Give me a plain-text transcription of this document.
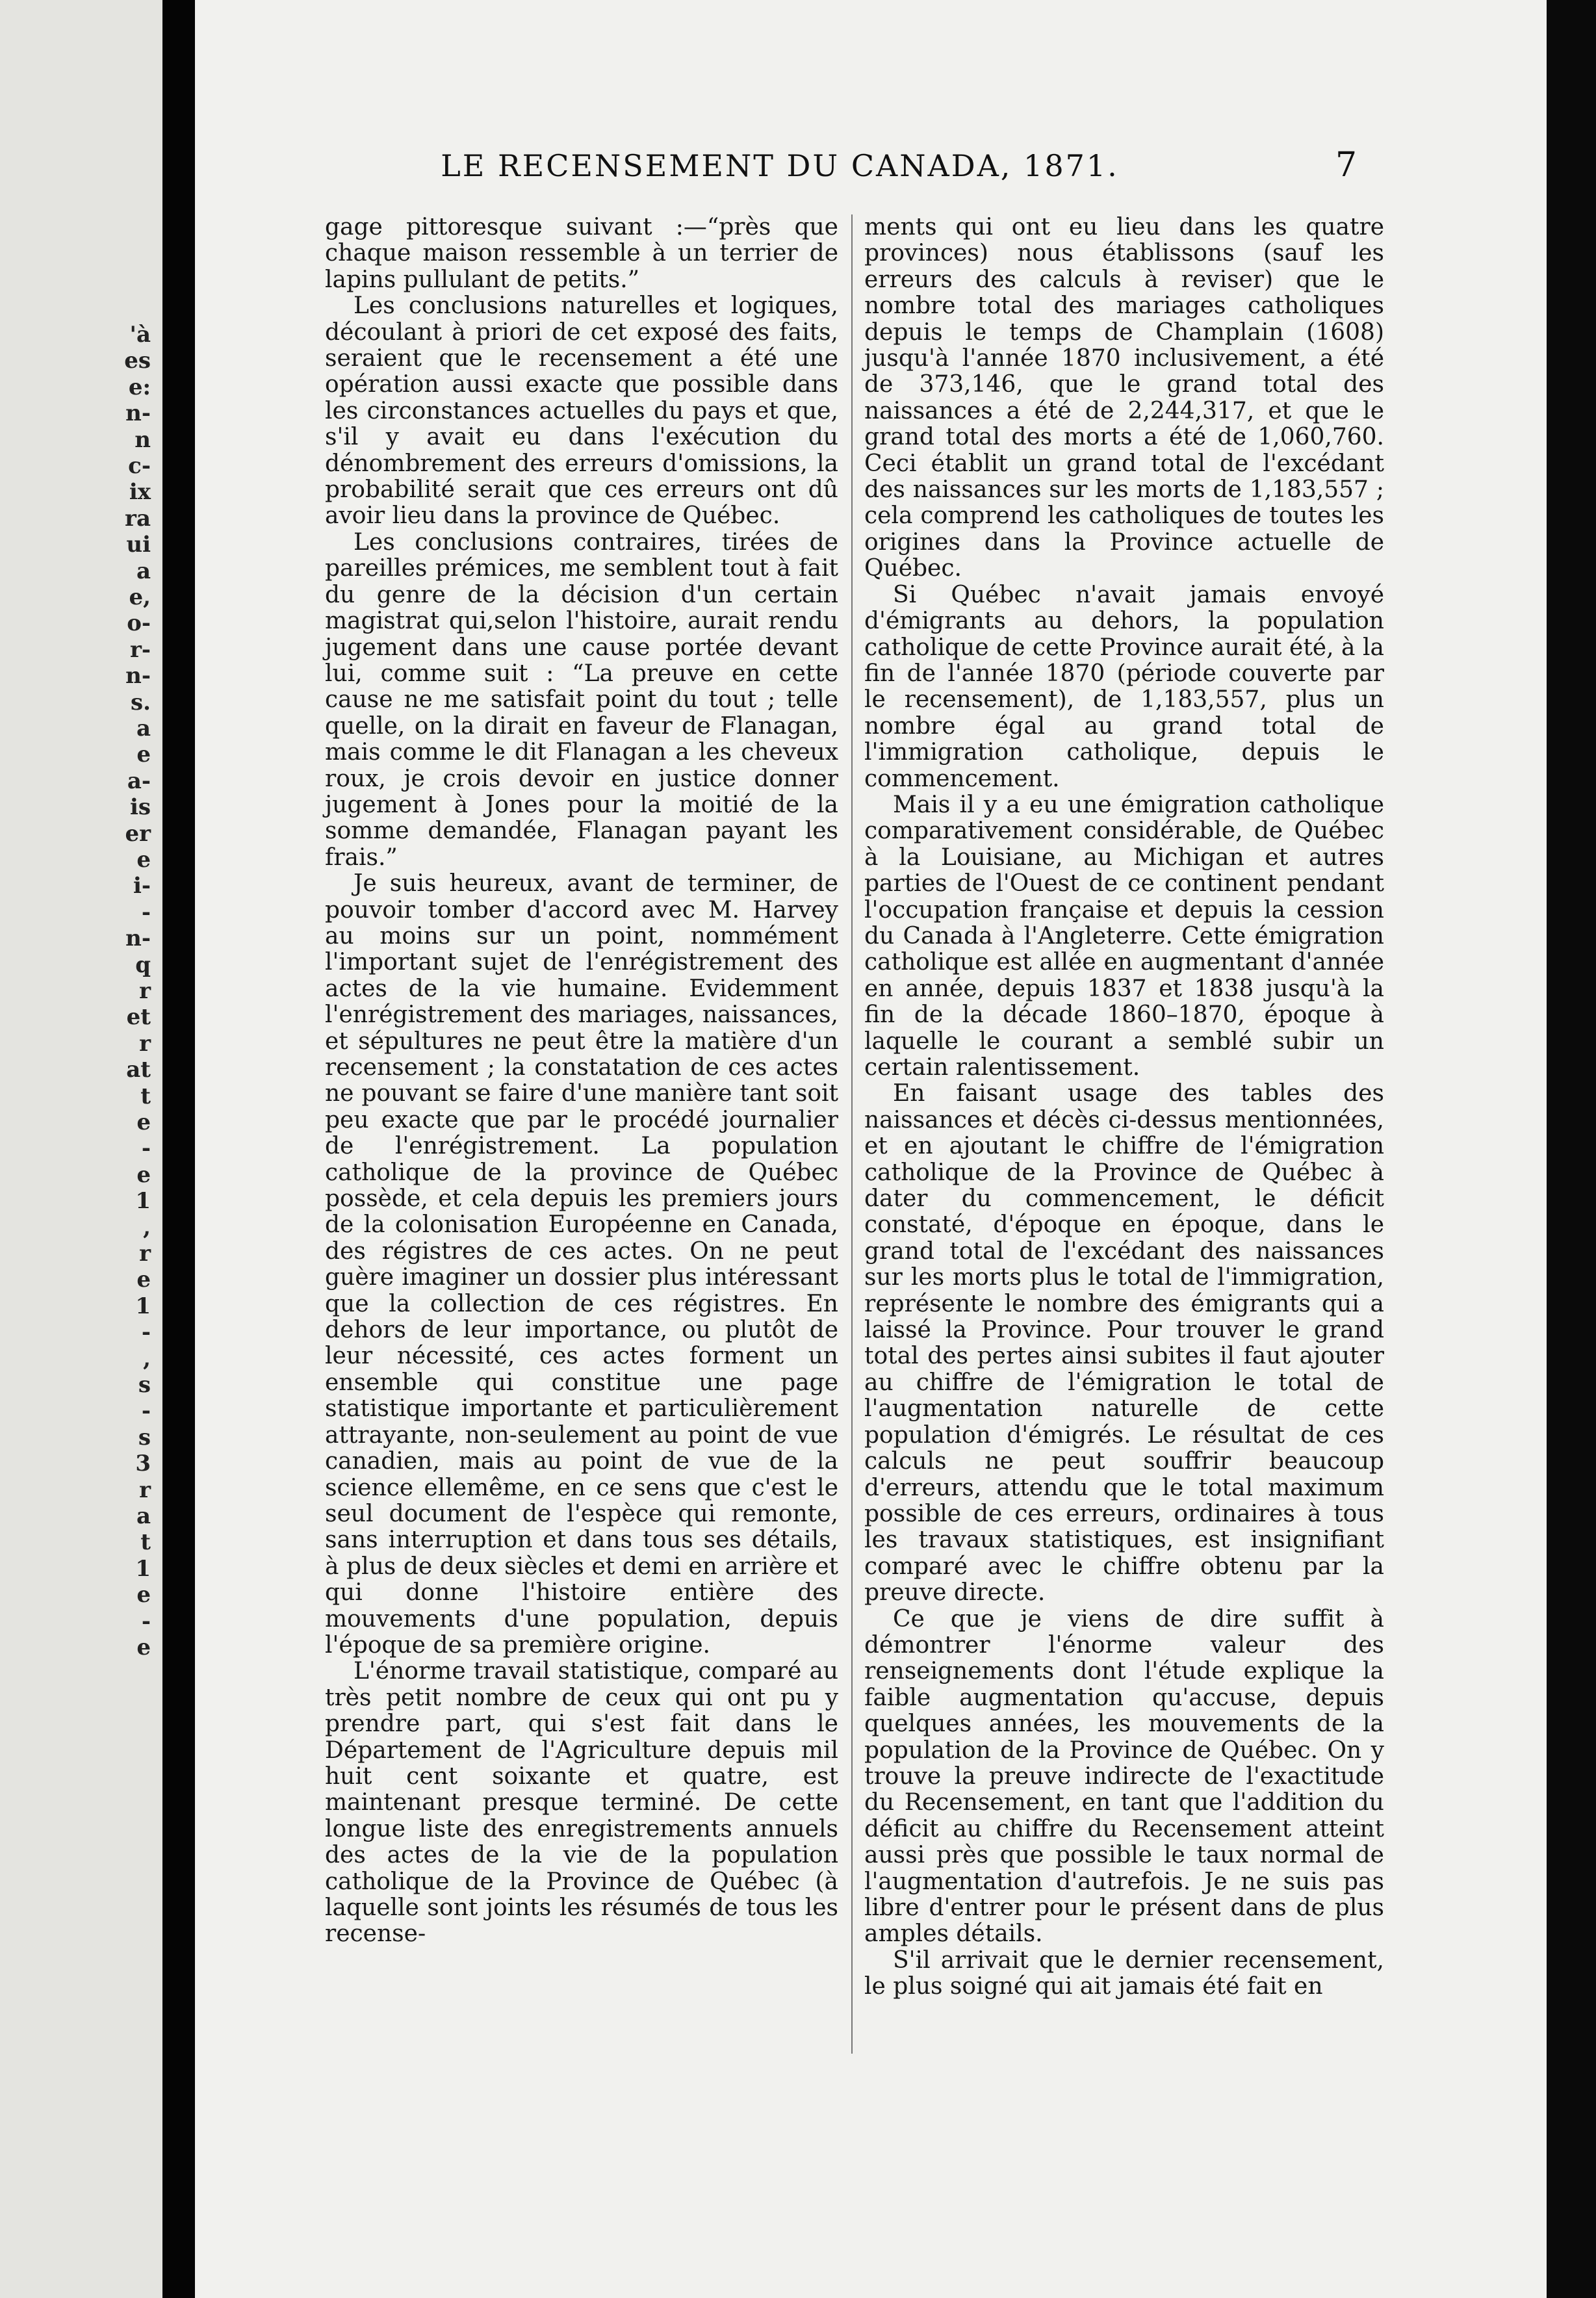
'à
es
e:
n-
n
c-
ix
ra
ui
a
e,
o-
r-
n-
s.
a
e
a-
is
er
e
i-
-
n-
q
r
et
r
at
t
e
-
e
1
,
r
e
1
-
,
s
-
s
3
r
a
t
1
e
-
e
LE RECENSEMENT DU CANADA, 1871.	7

gage pittoresque suivant :—“près que chaque maison ressemble à un terrier de lapins pullulant de petits.”

Les conclusions naturelles et logiques, découlant à priori de cet exposé des faits, seraient que le recensement a été une opération aussi exacte que possible dans les circonstances actuelles du pays et que, s'il y avait eu dans l'exécution du dénombrement des erreurs d'omissions, la probabilité serait que ces erreurs ont dû avoir lieu dans la province de Québec.

Les conclusions contraires, tirées de pareilles prémices, me semblent tout à fait du genre de la décision d'un certain magistrat qui,selon l'histoire, aurait rendu jugement dans une cause portée devant lui, comme suit : “La preuve en cette cause ne me satisfait point du tout ; telle quelle, on la dirait en faveur de Flanagan, mais comme le dit Flanagan a les cheveux roux, je crois devoir en justice donner jugement à Jones pour la moitié de la somme demandée, Flanagan payant les frais.”

Je suis heureux, avant de terminer, de pouvoir tomber d'accord avec M. Harvey au moins sur un point, nommément l'important sujet de l'enrégistrement des actes de la vie humaine. Evidemment l'enrégistrement des mariages, naissances, et sépultures ne peut être la matière d'un recensement ; la constatation de ces actes ne pouvant se faire d'une manière tant soit peu exacte que par le procédé journalier de l'enrégistrement. La population catholique de la province de Québec possède, et cela depuis les premiers jours de la colonisation Européenne en Canada, des régistres de ces actes. On ne peut guère imaginer un dossier plus intéressant que la collection de ces régistres. En dehors de leur importance, ou plutôt de leur nécessité, ces actes forment un ensemble qui constitue une page statistique importante et particulièrement attrayante, non-seulement au point de vue canadien, mais au point de vue de la science ellemême, en ce sens que c'est le seul document de l'espèce qui remonte, sans interruption et dans tous ses détails, à plus de deux siècles et demi en arrière et qui donne l'histoire entière des mouvements d'une population, depuis l'époque de sa première origine.

L'énorme travail statistique, comparé au très petit nombre de ceux qui ont pu y prendre part, qui s'est fait dans le Département de l'Agriculture depuis mil huit cent soixante et quatre, est maintenant presque terminé. De cette longue liste des enregistrements annuels des actes de la vie de la population catholique de la Province de Québec (à laquelle sont joints les résumés de tous les recense-

ments qui ont eu lieu dans les quatre provinces) nous établissons (sauf les erreurs des calculs à reviser) que le nombre total des mariages catholiques depuis le temps de Champlain (1608) jusqu'à l'année 1870 inclusivement, a été de 373,146, que le grand total des naissances a été de 2,244,317, et que le grand total des morts a été de 1,060,760. Ceci établit un grand total de l'excédant des naissances sur les morts de 1,183,557 ; cela comprend les catholiques de toutes les origines dans la Province actuelle de Québec.

Si Québec n'avait jamais envoyé d'émigrants au dehors, la population catholique de cette Province aurait été, à la fin de l'année 1870 (période couverte par le recensement), de 1,183,557, plus un nombre égal au grand total de l'immigration catholique, depuis le commencement.

Mais il y a eu une émigration catholique comparativement considérable, de Québec à la Louisiane, au Michigan et autres parties de l'Ouest de ce continent pendant l'occupation française et depuis la cession du Canada à l'Angleterre. Cette émigration catholique est allée en augmentant d'année en année, depuis 1837 et 1838 jusqu'à la fin de la décade 1860–1870, époque à laquelle le courant a semblé subir un certain ralentissement.

En faisant usage des tables des naissances et décès ci-dessus mentionnées, et en ajoutant le chiffre de l'émigration catholique de la Province de Québec à dater du commencement, le déficit constaté, d'époque en époque, dans le grand total de l'excédant des naissances sur les morts plus le total de l'immigration, représente le nombre des émigrants qui a laissé la Province. Pour trouver le grand total des pertes ainsi subites il faut ajouter au chiffre de l'émigration le total de l'augmentation naturelle de cette population d'émigrés. Le résultat de ces calculs ne peut souffrir beaucoup d'erreurs, attendu que le total maximum possible de ces erreurs, ordinaires à tous les travaux statistiques, est insignifiant comparé avec le chiffre obtenu par la preuve directe.

Ce que je viens de dire suffit à démontrer l'énorme valeur des renseignements dont l'étude explique la faible augmentation qu'accuse, depuis quelques années, les mouvements de la population de la Province de Québec. On y trouve la preuve indirecte de l'exactitude du Recensement, en tant que l'addition du déficit au chiffre du Recensement atteint aussi près que possible le taux normal de l'augmentation d'autrefois. Je ne suis pas libre d'entrer pour le présent dans de plus amples détails.

S'il arrivait que le dernier recensement, le plus soigné qui ait jamais été fait en
